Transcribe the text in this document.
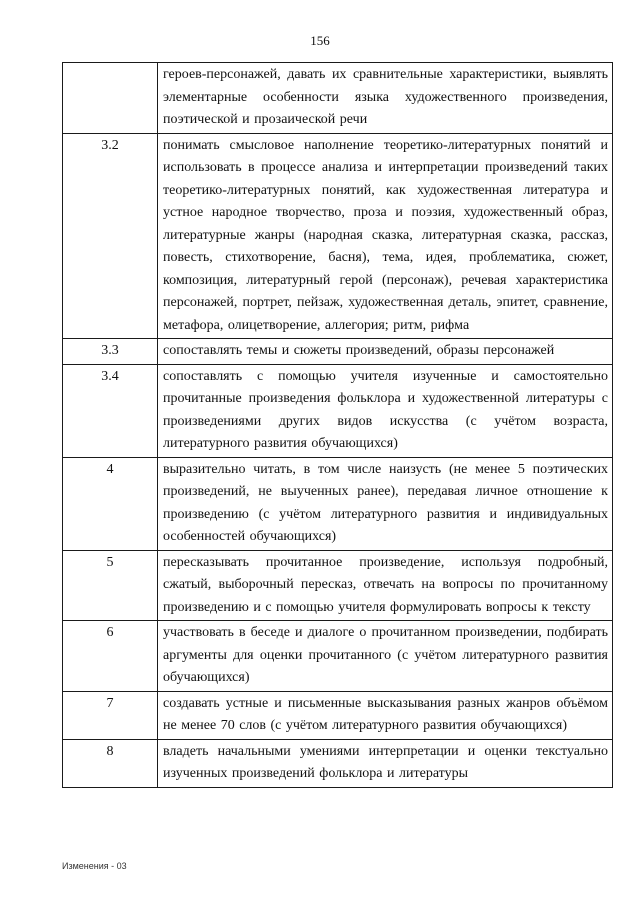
156
	героев-персонажей, давать их сравнительные характеристики, выявлять элементарные особенности языка художественного произведения, поэтической и прозаической речи
3.2	понимать смысловое наполнение теоретико-литературных понятий и использовать в процессе анализа и интерпретации произведений таких теоретико-литературных понятий, как художественная литература и устное народное творчество, проза и поэзия, художественный образ, литературные жанры (народная сказка, литературная сказка, рассказ, повесть, стихотворение, басня), тема, идея, проблематика, сюжет, композиция, литературный герой (персонаж), речевая характеристика персонажей, портрет, пейзаж, художественная деталь, эпитет, сравнение, метафора, олицетворение, аллегория; ритм, рифма
3.3	сопоставлять темы и сюжеты произведений, образы персонажей
3.4	сопоставлять с помощью учителя изученные и самостоятельно прочитанные произведения фольклора и художественной литературы с произведениями других видов искусства (с учётом возраста, литературного развития обучающихся)
4	выразительно читать, в том числе наизусть (не менее 5 поэтических произведений, не выученных ранее), передавая личное отношение к произведению (с учётом литературного развития и индивидуальных особенностей обучающихся)
5	пересказывать прочитанное произведение, используя подробный, сжатый, выборочный пересказ, отвечать на вопросы по прочитанному произведению и с помощью учителя формулировать вопросы к тексту
6	участвовать в беседе и диалоге о прочитанном произведении, подбирать аргументы для оценки прочитанного (с учётом литературного развития обучающихся)
7	создавать устные и письменные высказывания разных жанров объёмом не менее 70 слов (с учётом литературного развития обучающихся)
8	владеть начальными умениями интерпретации и оценки текстуально изученных произведений фольклора и литературы
Изменения - 03
